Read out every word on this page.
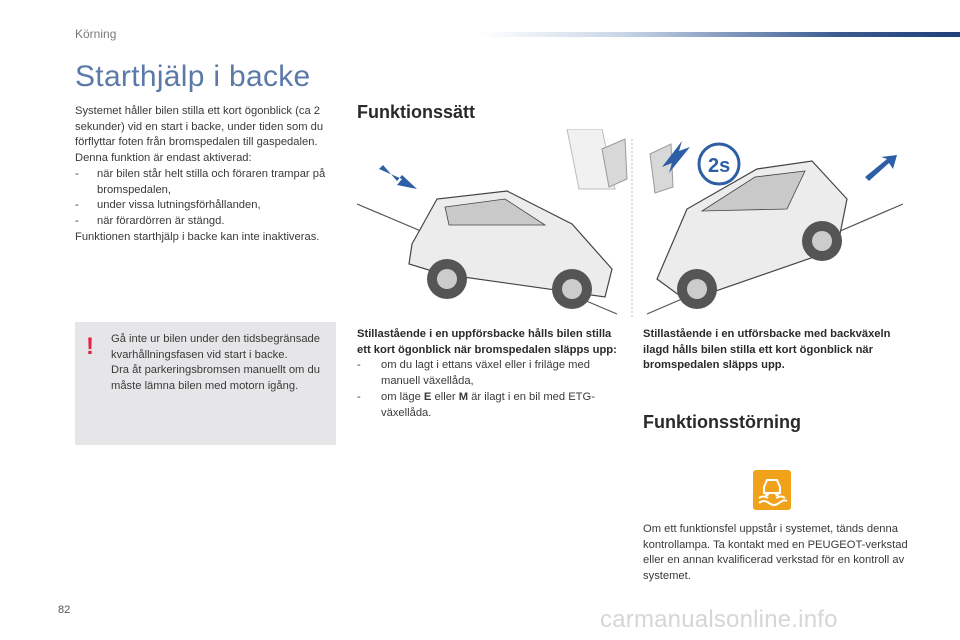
Körning
Starthjälp i backe
Systemet håller bilen stilla ett kort ögonblick (ca 2 sekunder) vid en start i backe, under tiden som du förflyttar foten från bromspedalen till gaspedalen.
Denna funktion är endast aktiverad:
-	när bilen står helt stilla och föraren trampar på bromspedalen,
-	under vissa lutningsförhållanden,
-	när förardörren är stängd.
Funktionen starthjälp i backe kan inte inaktiveras.
!	Gå inte ur bilen under den tidsbegränsade kvarhållningsfasen vid start i backe.
Dra åt parkeringsbromsen manuellt om du måste lämna bilen med motorn igång.
Funktionssätt
2s
Stillastående i en uppförsbacke hålls bilen stilla ett kort ögonblick när bromspedalen släpps upp:
-	om du lagt i ettans växel eller i friläge med manuell växellåda,
-	om läge E eller M är ilagt i en bil med ETG-växellåda.
Stillastående i en utförsbacke med backväxeln ilagd hålls bilen stilla ett kort ögonblick när bromspedalen släpps upp.
Funktionsstörning
Om ett funktionsfel uppstår i systemet, tänds denna kontrollampa. Ta kontakt med en PEUGEOT-verkstad eller en annan kvalificerad verkstad för en kontroll av systemet.
82	carmanualsonline.info
